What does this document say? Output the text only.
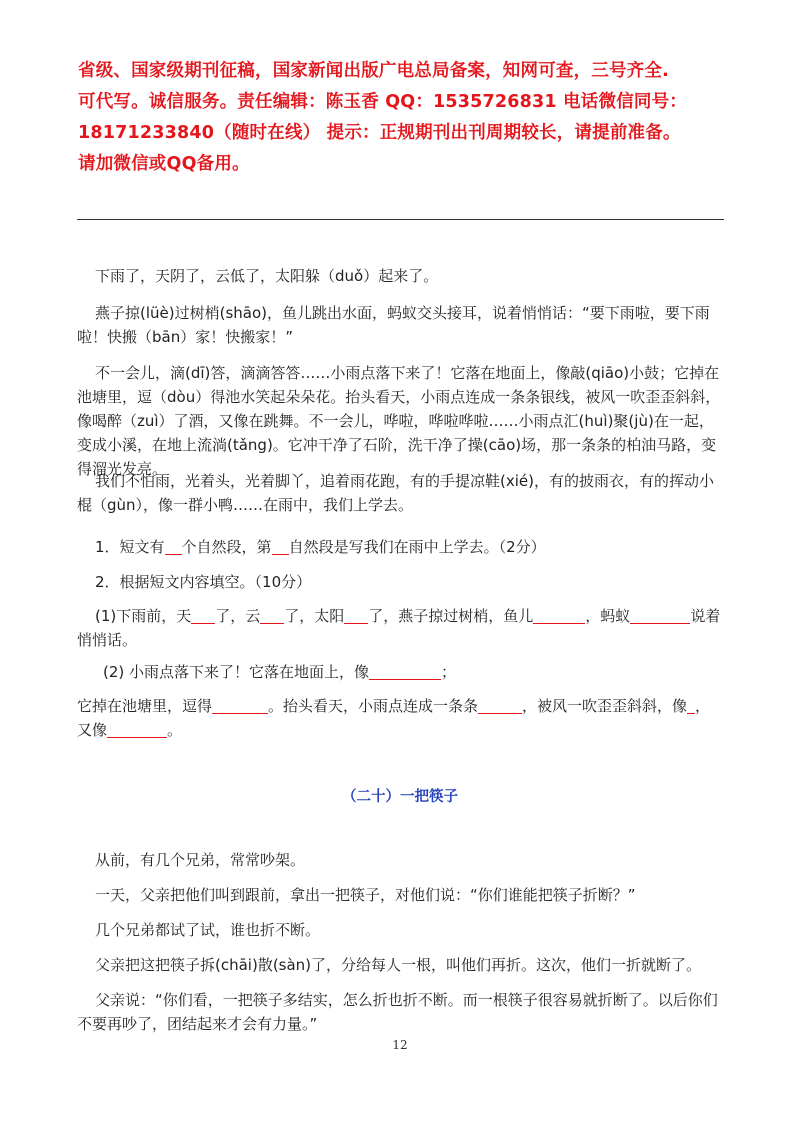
省级、国家级期刊征稿，国家新闻出版广电总局备案，知网可查，三号齐全.
可代写。诚信服务。责任编辑：陈玉香 QQ：1535726831 电话微信同号：
18171233840（随时在线） 提示：正规期刊出刊周期较长，请提前准备。
请加微信或QQ备用。
下雨了，天阴了，云低了，太阳躲（duǒ）起来了。
燕子掠(lüè)过树梢(shāo)，鱼儿跳出水面，蚂蚁交头接耳，说着悄悄话：“要下雨啦，要下雨啦！快搬（bān）家！快搬家！”
不一会儿，滴(dī)答，滴滴答答……小雨点落下来了！它落在地面上，像敲(qiāo)小鼓；它掉在池塘里，逗（dòu）得池水笑起朵朵花。抬头看天，小雨点连成一条条银线，被风一吹歪歪斜斜，像喝醉（zuì）了酒，又像在跳舞。不一会儿，哗啦，哗啦哗啦……小雨点汇(huì)聚(jù)在一起，变成小溪，在地上流淌(tǎng)。它冲干净了石阶，洗干净了操(cāo)场，那一条条的柏油马路，变得溜光发亮。
我们不怕雨，光着头，光着脚丫，追着雨花跑，有的手提凉鞋(xié)，有的披雨衣，有的挥动小棍（gùn），像一群小鸭……在雨中，我们上学去。
1．短文有 个自然段，第 自然段是写我们在雨中上学去。（2分）
2．根据短文内容填空。（10分）
(1)下雨前，天 了，云 了，太阳 了，燕子掠过树梢，鱼儿	，蚂蚁	说着悄悄话。
(2) 小雨点落下来了！它落在地面上，像	；
它掉在池塘里，逗得	。抬头看天，小雨点连成一条条	，被风一吹歪歪斜斜，像 ，又像	。
（二十）一把筷子
从前，有几个兄弟，常常吵架。
一天，父亲把他们叫到跟前，拿出一把筷子，对他们说：“你们谁能把筷子折断？”
几个兄弟都试了试，谁也折不断。
父亲把这把筷子拆(chāi)散(sàn)了，分给每人一根，叫他们再折。这次，他们一折就断了。
父亲说：“你们看，一把筷子多结实，怎么折也折不断。而一根筷子很容易就折断了。以后你们不要再吵了，团结起来才会有力量。”
12
